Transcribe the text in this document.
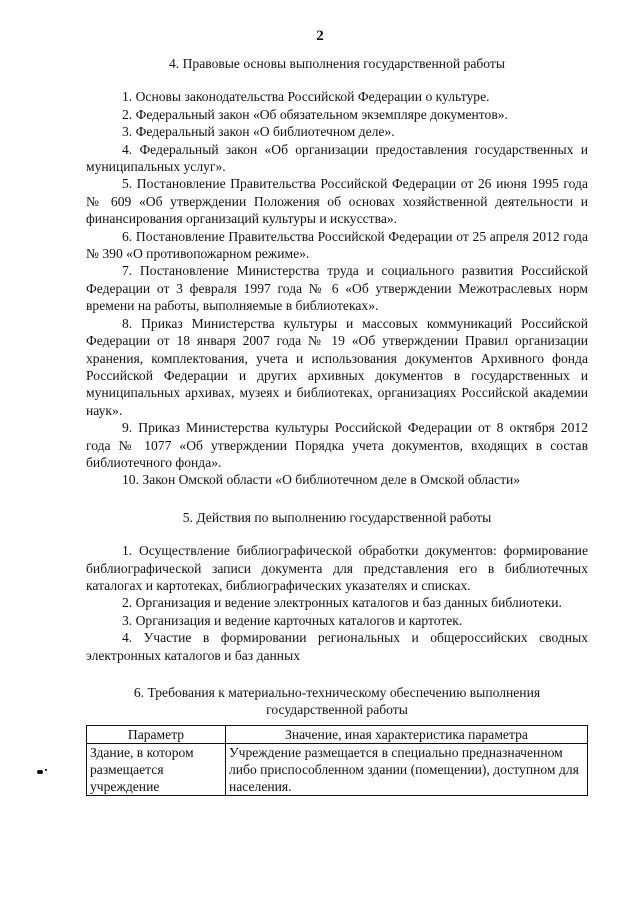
2

4. Правовые основы выполнения государственной работы

1. Основы законодательства Российской Федерации о культуре.

2. Федеральный закон «Об обязательном экземпляре документов».

3. Федеральный закон «О библиотечном деле».

4. Федеральный закон «Об организации предоставления государственных и муниципальных услуг».

5. Постановление Правительства Российской Федерации от 26 июня 1995 года № 609 «Об утверждении Положения об основах хозяйственной деятельности и финансирования организаций культуры и искусства».

6. Постановление Правительства Российской Федерации от 25 апреля 2012 года № 390 «О противопожарном режиме».

7. Постановление Министерства труда и социального развития Российской Федерации от 3 февраля 1997 года № 6 «Об утверждении Межотраслевых норм времени на работы, выполняемые в библиотеках».

8. Приказ Министерства культуры и массовых коммуникаций Российской Федерации от 18 января 2007 года № 19 «Об утверждении Правил организации хранения, комплектования, учета и использования документов Архивного фонда Российской Федерации и других архивных документов в государственных и муниципальных архивах, музеях и библиотеках, организациях Российской академии наук».

9. Приказ Министерства культуры Российской Федерации от 8 октября 2012 года № 1077 «Об утверждении Порядка учета документов, входящих в состав библиотечного фонда».

10. Закон Омской области «О библиотечном деле в Омской области»

5. Действия по выполнению государственной работы

1. Осуществление библиографической обработки документов: формирование библиографической записи документа для представления его в библиотечных каталогах и картотеках, библиографических указателях и списках.

2. Организация и ведение электронных каталогов и баз данных библиотеки.

3. Организация и ведение карточных каталогов и картотек.

4. Участие в формировании региональных и общероссийских сводных электронных каталогов и баз данных

6. Требования к материально-техническому обеспечению выполнения

государственной работы

Параметр	Значение, иная характеристика параметра
Здание, в котором размещается учреждение	Учреждение размещается в специально предназначенном либо приспособленном здании (помещении), доступном для населения.
